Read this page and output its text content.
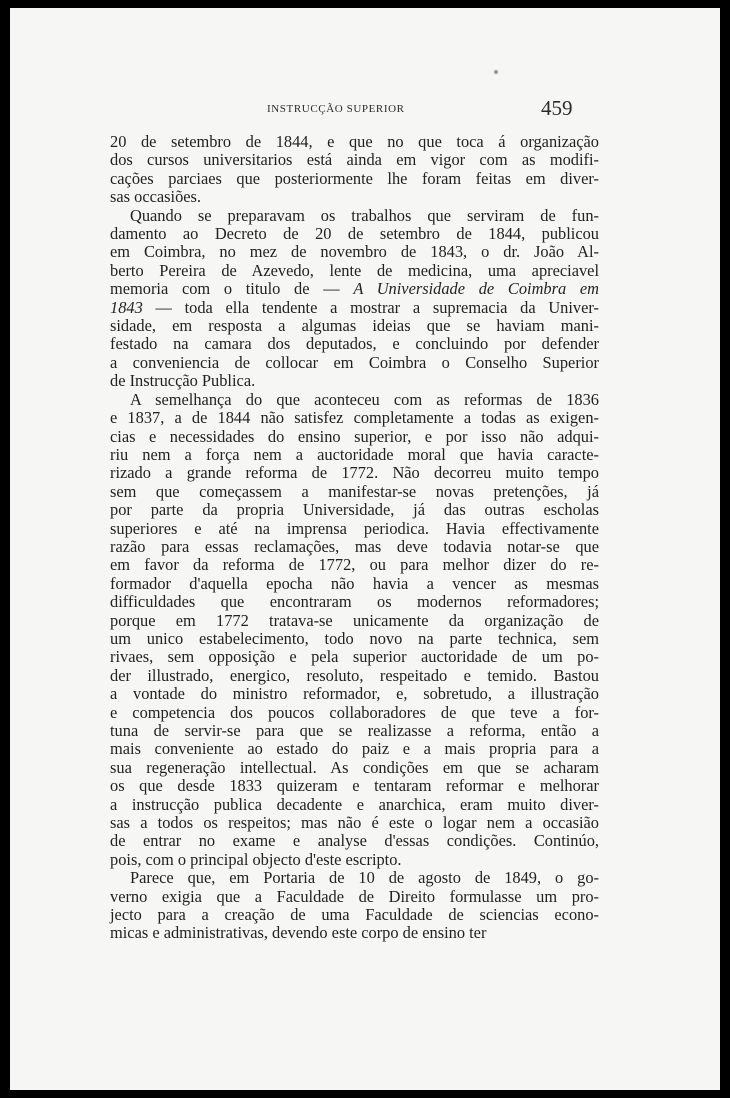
INSTRUCÇÃO SUPERIOR	459
20 de setembro de 1844, e que no que toca á organização
dos cursos universitarios está ainda em vigor com as modifi-
cações parciaes que posteriormente lhe foram feitas em diver-
sas occasiões.
Quando se preparavam os trabalhos que serviram de fun-
damento ao Decreto de 20 de setembro de 1844, publicou
em Coimbra, no mez de novembro de 1843, o dr. João Al-
berto Pereira de Azevedo, lente de medicina, uma apreciavel
memoria com o titulo de — A Universidade de Coimbra em
1843 — toda ella tendente a mostrar a supremacia da Univer-
sidade, em resposta a algumas ideias que se haviam mani-
festado na camara dos deputados, e concluindo por defender
a conveniencia de collocar em Coimbra o Conselho Superior
de Instrucção Publica.
A semelhança do que aconteceu com as reformas de 1836
e 1837, a de 1844 não satisfez completamente a todas as exigen-
cias e necessidades do ensino superior, e por isso não adqui-
riu nem a força nem a auctoridade moral que havia caracte-
rizado a grande reforma de 1772. Não decorreu muito tempo
sem que começassem a manifestar-se novas pretenções, já
por parte da propria Universidade, já das outras escholas
superiores e até na imprensa periodica. Havia effectivamente
razão para essas reclamações, mas deve todavia notar-se que
em favor da reforma de 1772, ou para melhor dizer do re-
formador d'aquella epocha não havia a vencer as mesmas
difficuldades que encontraram os modernos reformadores;
porque em 1772 tratava-se unicamente da organização de
um unico estabelecimento, todo novo na parte technica, sem
rivaes, sem opposição e pela superior auctoridade de um po-
der illustrado, energico, resoluto, respeitado e temido. Bastou
a vontade do ministro reformador, e, sobretudo, a illustração
e competencia dos poucos collaboradores de que teve a for-
tuna de servir-se para que se realizasse a reforma, então a
mais conveniente ao estado do paiz e a mais propria para a
sua regeneração intellectual. As condições em que se acharam
os que desde 1833 quizeram e tentaram reformar e melhorar
a instrucção publica decadente e anarchica, eram muito diver-
sas a todos os respeitos; mas não é este o logar nem a occasião
de entrar no exame e analyse d'essas condições. Continúo,
pois, com o principal objecto d'este escripto.
Parece que, em Portaria de 10 de agosto de 1849, o go-
verno exigia que a Faculdade de Direito formulasse um pro-
jecto para a creação de uma Faculdade de sciencias econo-
micas e administrativas, devendo este corpo de ensino ter
